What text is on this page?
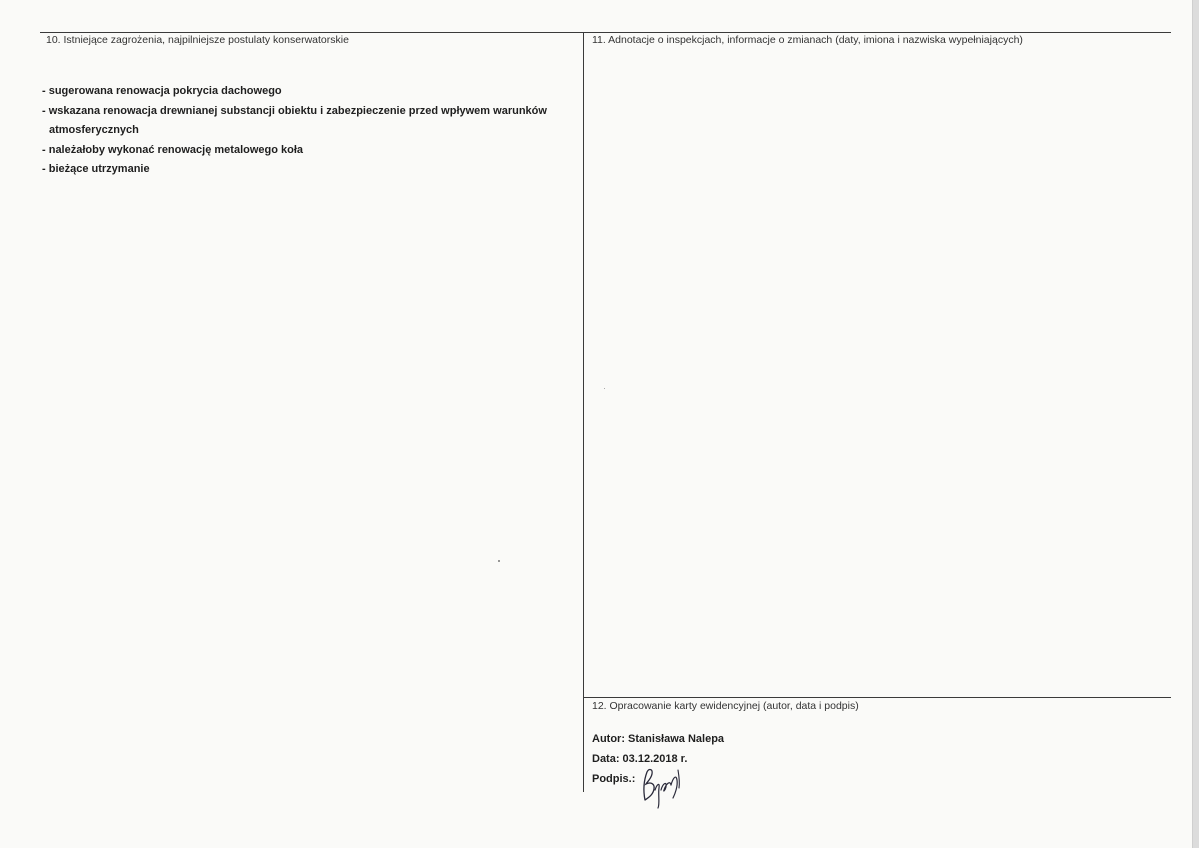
10. Istniejące zagrożenia, najpilniejsze postulaty konserwatorskie
- sugerowana renowacja pokrycia dachowego
- wskazana renowacja drewnianej substancji obiektu i zabezpieczenie przed wpływem warunków
atmosferycznych
- należałoby wykonać renowację metalowego koła
- bieżące utrzymanie
11. Adnotacje o inspekcjach, informacje o zmianach (daty, imiona i nazwiska wypełniających)
12. Opracowanie karty ewidencyjnej (autor, data i podpis)
Autor: Stanisława Nalepa
Data: 03.12.2018 r.
Podpis.:
